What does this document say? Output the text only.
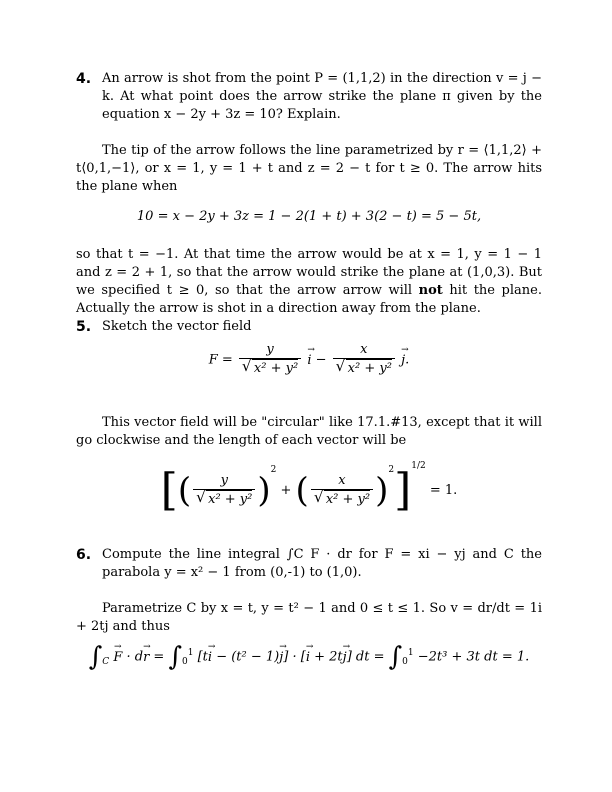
4. An arrow is shot from the point P = (1,1,2) in the direction v = j − k. At what point does the arrow strike the plane π given by the equation x − 2y + 3z = 10? Explain.
The tip of the arrow follows the line parametrized by r = ⟨1,1,2⟩ + t⟨0,1,−1⟩, or x = 1, y = 1 + t and z = 2 − t for t ≥ 0. The arrow hits the plane when
10 = x − 2y + 3z = 1 − 2(1 + t) + 3(2 − t) = 5 − 5t,
so that t = −1. At that time the arrow would be at x = 1, y = 1 − 1 and z = 2 + 1, so that the arrow would strike the plane at (1,0,3). But we specified t ≥ 0, so that the arrow arrow will not hit the plane. Actually the arrow is shot in a direction away from the plane.
5. Sketch the vector field
F = y
√ x² + y² i → − x
√ x² + y² j →.
This vector field will be "circular" like 17.1.#13, except that it will go clockwise and the length of each vector will be
[( y
√ x² + y² )$^2$ + ( x
√ x² + y² )$^2$]$^{1/2}$ = 1.
6. Compute the line integral ∫C F · dr for F = xi − yj and C the parabola y = x² − 1 from (0,-1) to (1,0).
Parametrize C by x = t, y = t² − 1 and 0 ≤ t ≤ 1. So v = dr/dt = 1i + 2tj and thus
$\int_C$ F → · dr → = $\int_0^1$ [ti → − (t² − 1)j →] · [i → + 2tj →] dt = $\int_0^1 -2t^3 + 3t$ dt = 1.
